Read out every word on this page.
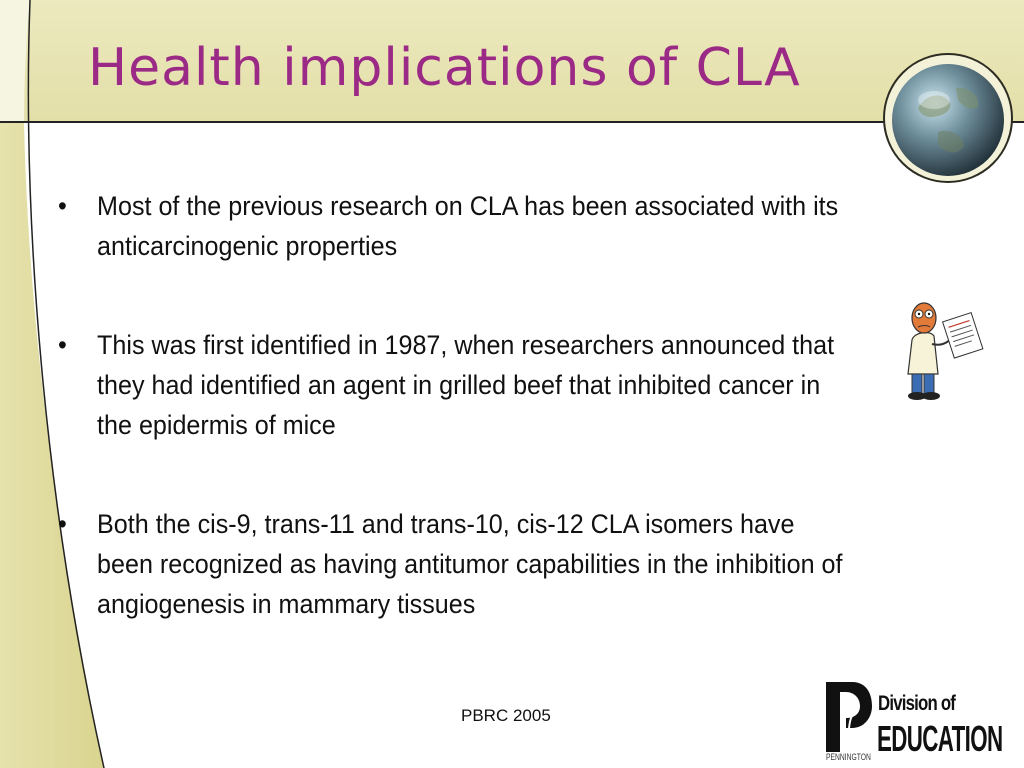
Health implications of CLA
•	Most of the previous research on CLA has been associated with its anticarcinogenic properties
•	This was first identified in 1987, when researchers announced that they had identified an agent in grilled beef that inhibited cancer in the epidermis of mice
•	Both the cis-9, trans-11 and trans-10, cis-12 CLA isomers have been recognized as having antitumor capabilities in the inhibition of angiogenesis in mammary tissues
PBRC 2005
Division of
EDUCATION
PENNINGTON
